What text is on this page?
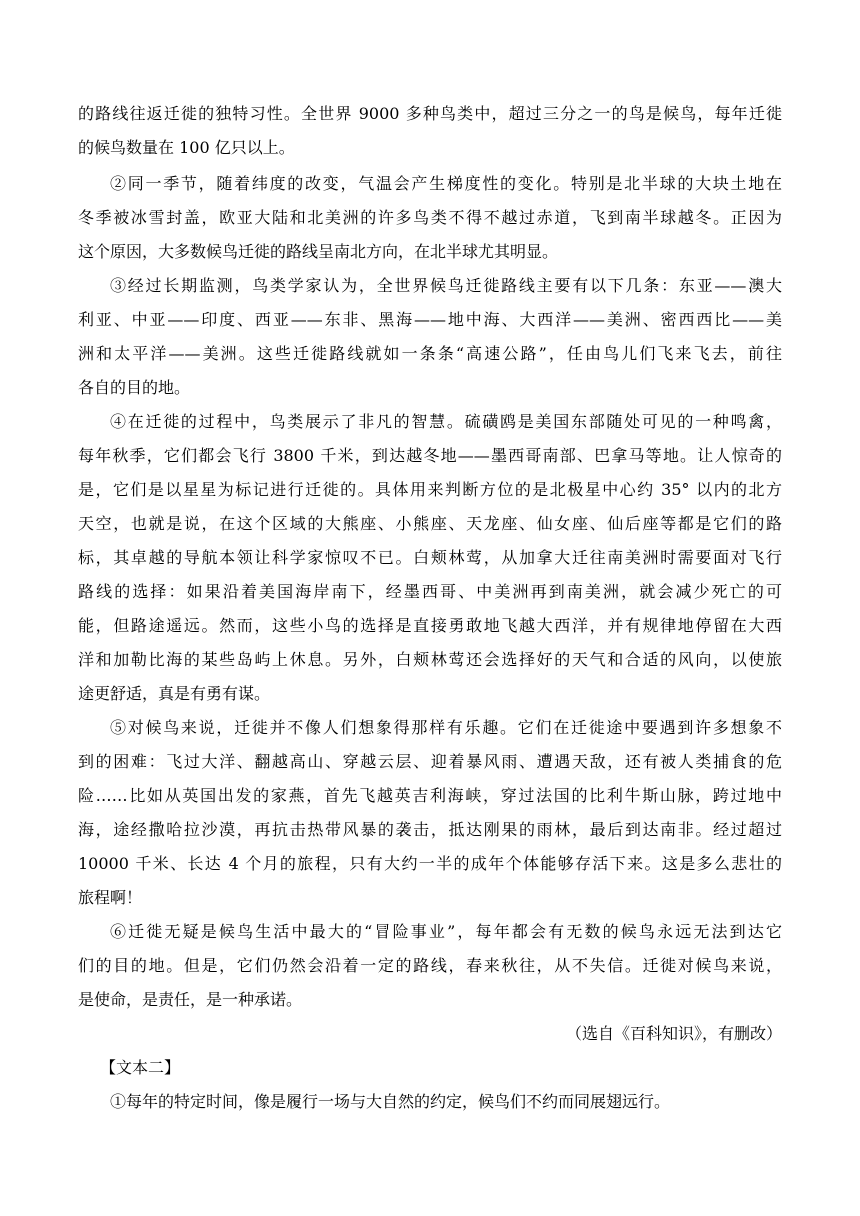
的路线往返迁徙的独特习性。全世界 9000 多种鸟类中，超过三分之一的鸟是候鸟，每年迁徙
的候鸟数量在 100 亿只以上。
②同一季节，随着纬度的改变，气温会产生梯度性的变化。特别是北半球的大块土地在
冬季被冰雪封盖，欧亚大陆和北美洲的许多鸟类不得不越过赤道，飞到南半球越冬。正因为
这个原因，大多数候鸟迁徙的路线呈南北方向，在北半球尤其明显。
③经过长期监测，鸟类学家认为，全世界候鸟迁徙路线主要有以下几条：东亚——澳大
利亚、中亚——印度、西亚——东非、黑海——地中海、大西洋——美洲、密西西比——美
洲和太平洋——美洲。这些迁徙路线就如一条条“高速公路”，任由鸟儿们飞来飞去，前往
各自的目的地。
④在迁徙的过程中，鸟类展示了非凡的智慧。硫磺鸥是美国东部随处可见的一种鸣禽，
每年秋季，它们都会飞行 3800 千米，到达越冬地——墨西哥南部、巴拿马等地。让人惊奇的
是，它们是以星星为标记进行迁徙的。具体用来判断方位的是北极星中心约 35° 以内的北方
天空，也就是说，在这个区域的大熊座、小熊座、天龙座、仙女座、仙后座等都是它们的路
标，其卓越的导航本领让科学家惊叹不已。白颊林莺，从加拿大迁往南美洲时需要面对飞行
路线的选择：如果沿着美国海岸南下，经墨西哥、中美洲再到南美洲，就会减少死亡的可
能，但路途遥远。然而，这些小鸟的选择是直接勇敢地飞越大西洋，并有规律地停留在大西
洋和加勒比海的某些岛屿上休息。另外，白颊林莺还会选择好的天气和合适的风向，以使旅
途更舒适，真是有勇有谋。
⑤对候鸟来说，迁徙并不像人们想象得那样有乐趣。它们在迁徙途中要遇到许多想象不
到的困难：飞过大洋、翻越高山、穿越云层、迎着暴风雨、遭遇天敌，还有被人类捕食的危
险……比如从英国出发的家燕，首先飞越英吉利海峡，穿过法国的比利牛斯山脉，跨过地中
海，途经撒哈拉沙漠，再抗击热带风暴的袭击，抵达刚果的雨林，最后到达南非。经过超过
10000 千米、长达 4 个月的旅程，只有大约一半的成年个体能够存活下来。这是多么悲壮的
旅程啊！
⑥迁徙无疑是候鸟生活中最大的“冒险事业”，每年都会有无数的候鸟永远无法到达它
们的目的地。但是，它们仍然会沿着一定的路线，春来秋往，从不失信。迁徙对候鸟来说，
是使命，是责任，是一种承诺。
（选自《百科知识》，有删改）
【文本二】
①每年的特定时间，像是履行一场与大自然的约定，候鸟们不约而同展翅远行。
